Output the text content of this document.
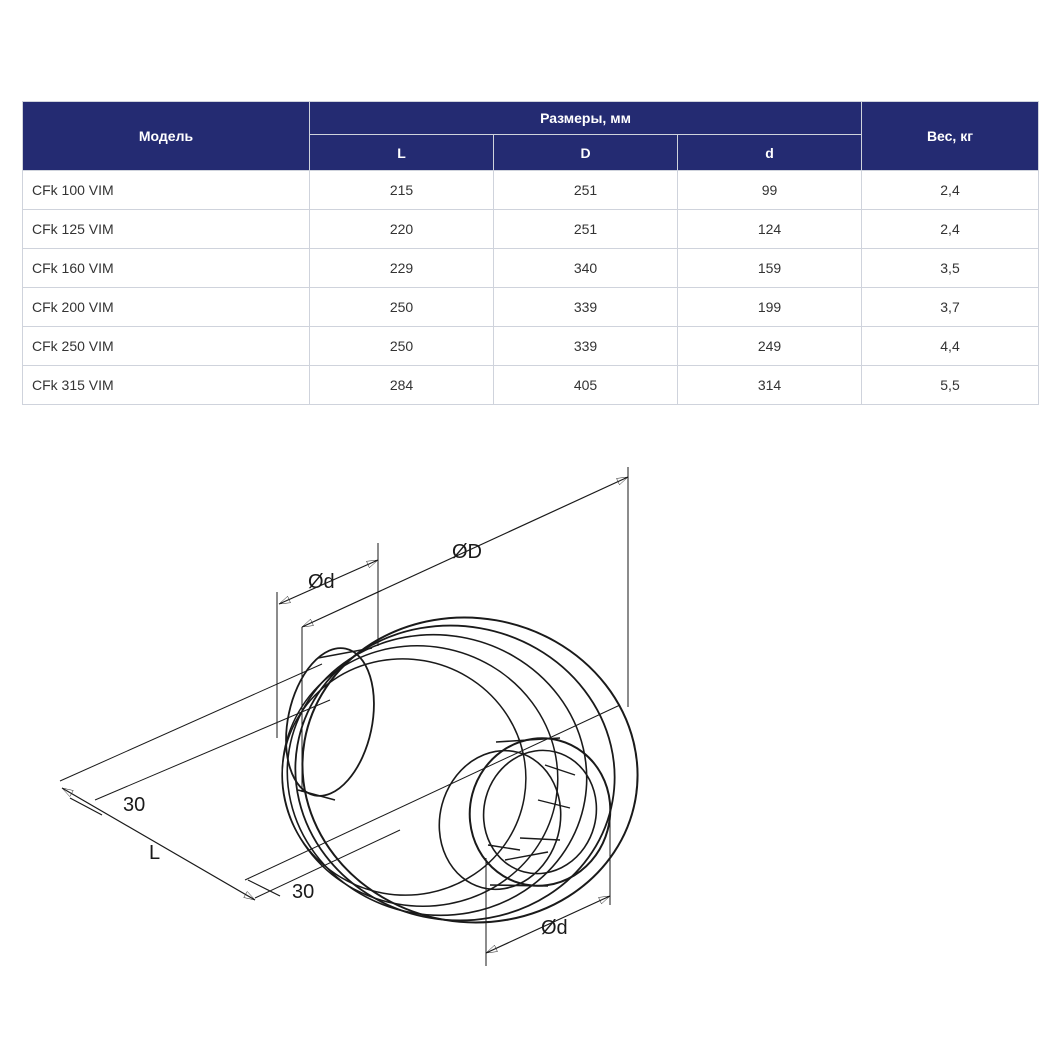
Модель	Размеры, мм			Вес, кг
	L	D	d	
CFk 100 VIM	215	251	99	2,4
CFk 125 VIM	220	251	124	2,4
CFk 160 VIM	229	340	159	3,5
CFk 200 VIM	250	339	199	3,7
CFk 250 VIM	250	339	249	4,4
CFk 315 VIM	284	405	314	5,5
ØD
Ød
Ød
L
30
30
